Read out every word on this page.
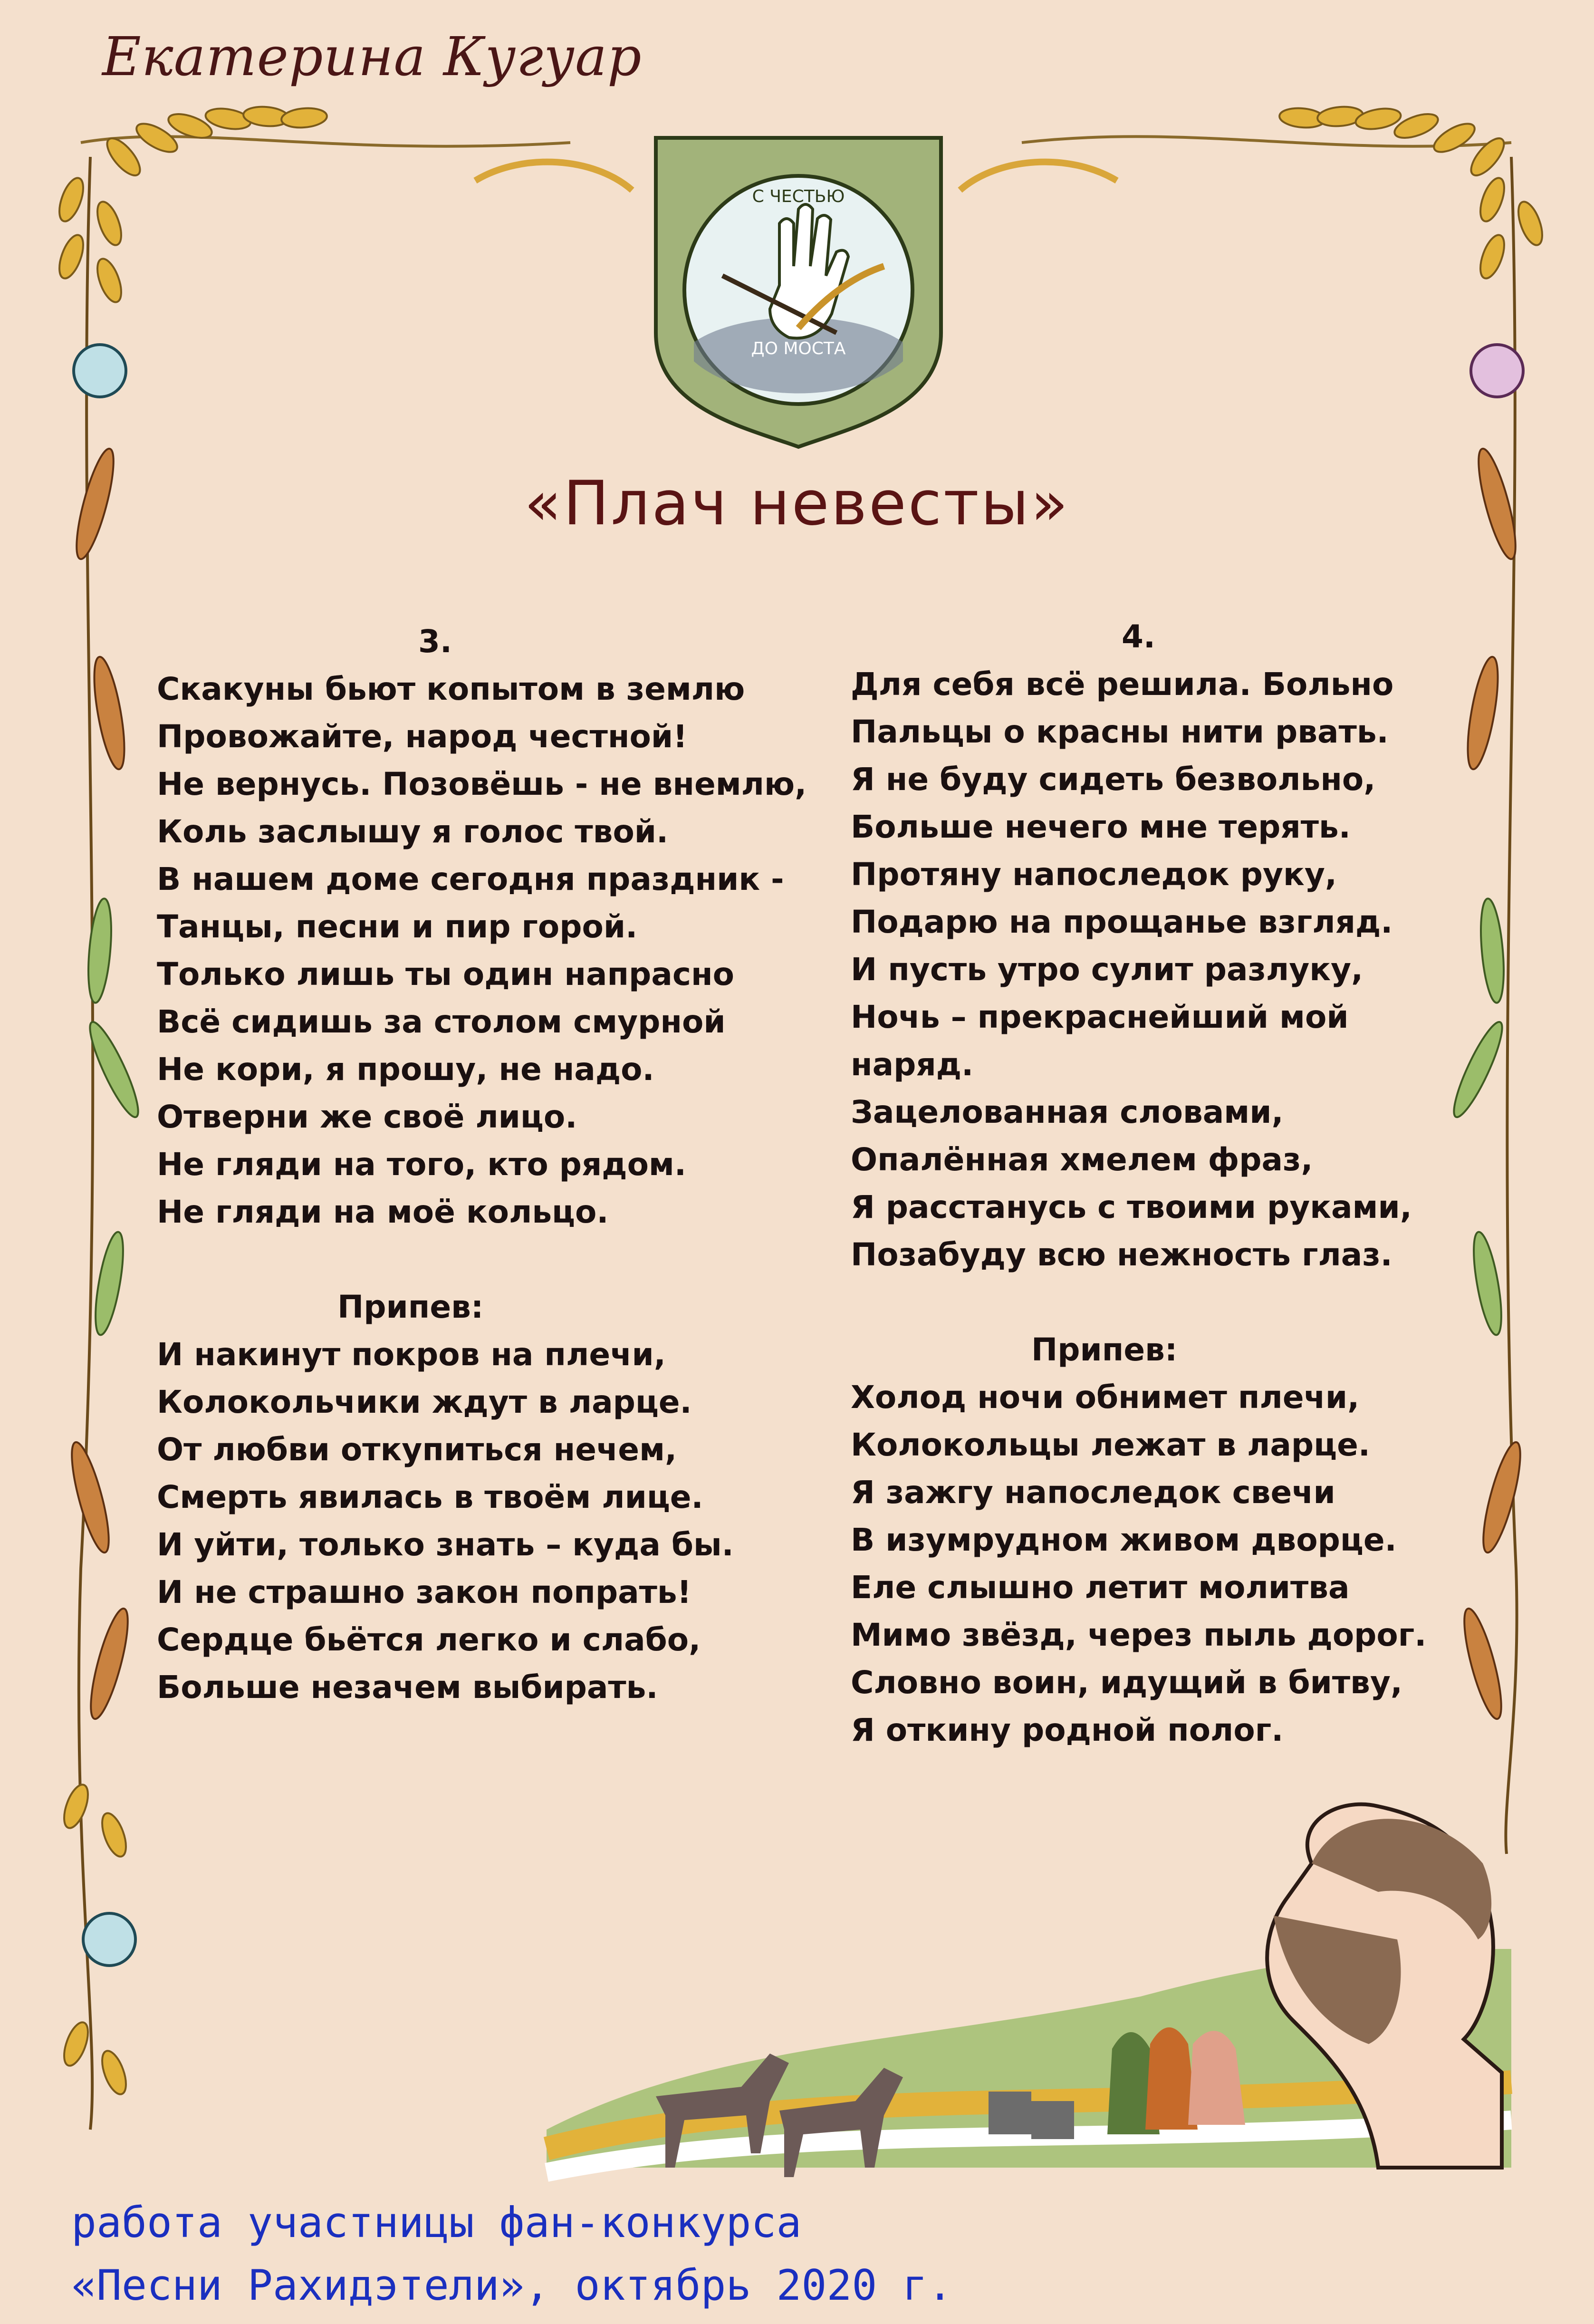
С ЧЕСТЬЮ
ДО МОСТА
Екатерина Кугуар
«Плач невесты»
3.
Скакуны бьют копытом в землю
Провожайте, народ честной!
Не вернусь. Позовёшь - не внемлю,
Коль заслышу я голос твой.
В нашем доме сегодня праздник -
Танцы, песни и пир горой.
Только лишь ты один напрасно
Всё сидишь за столом смурной
Не кори, я прошу, не надо.
Отверни же своё лицо.
Не гляди на того, кто рядом.
Не гляди на моё кольцо.
Припев:
И накинут покров на плечи,
Колокольчики ждут в ларце.
От любви откупиться нечем,
Смерть явилась в твоём лице.
И уйти, только знать – куда бы.
И не страшно закон попрать!
Сердце бьётся легко и слабо,
Больше незачем выбирать.
4.
Для себя всё решила. Больно
Пальцы о красны нити рвать.
Я не буду сидеть безвольно,
Больше нечего мне терять.
Протяну напоследок руку,
Подарю на прощанье взгляд.
И пусть утро сулит разлуку,
Ночь – прекраснейший мой
наряд.
Зацелованная словами,
Опалённая хмелем фраз,
Я расстанусь с твоими руками,
Позабуду всю нежность глаз.
Припев:
Холод ночи обнимет плечи,
Колокольцы лежат в ларце.
Я зажгу напоследок свечи
В изумрудном живом дворце.
Еле слышно летит молитва
Мимо звёзд, через пыль дорог.
Словно воин, идущий в битву,
Я откину родной полог.
работа участницы фан-конкурса
«Песни Рахидэтели», октябрь 2020 г.
